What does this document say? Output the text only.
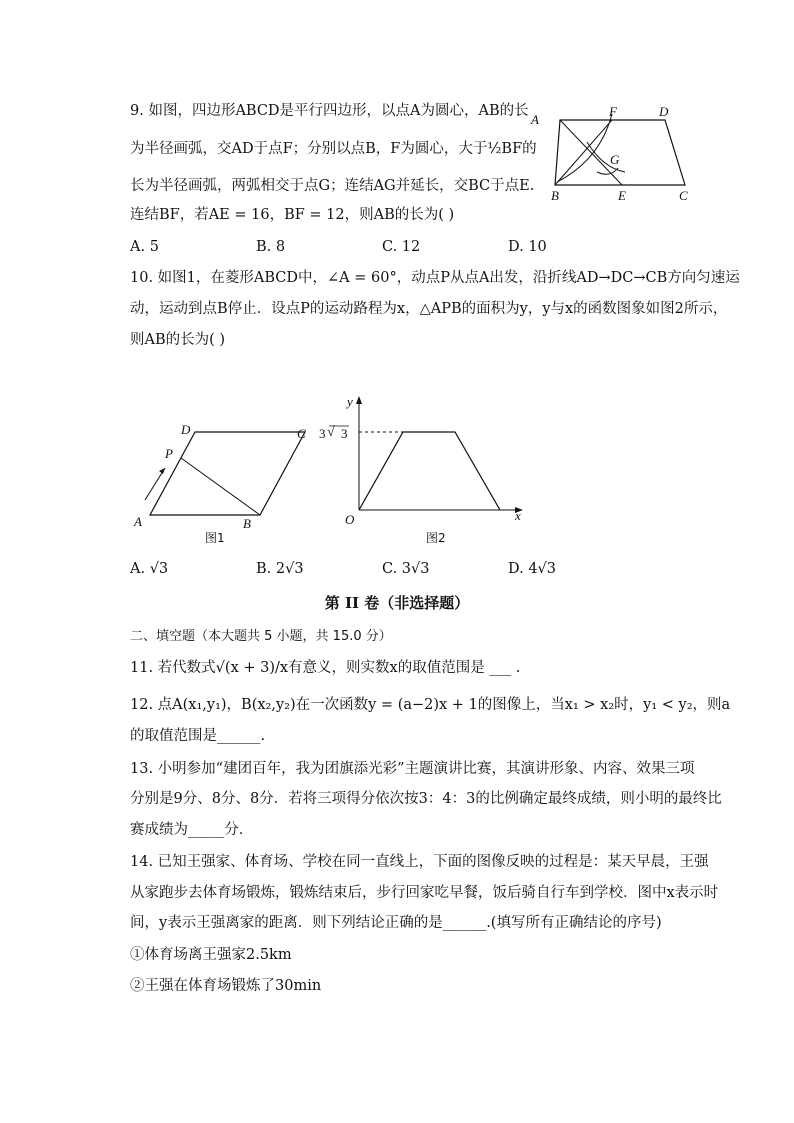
9. 如图，四边形ABCD是平行四边形，以点A为圆心，AB的长
为半径画弧，交AD于点F；分别以点B，F为圆心，大于½BF的
长为半径画弧，两弧相交于点G；连结AG并延长，交BC于点E.
连结BF，若AE = 16，BF = 12，则AB的长为( )
A
F	D
G
B	E	C
A. 5	B. 8	C. 12	D. 10
10. 如图1，在菱形ABCD中，∠A = 60°，动点P从点A出发，沿折线AD→DC→CB方向匀速运
动，运动到点B停止．设点P的运动路程为x，△APB的面积为y，y与x的函数图象如图2所示，
则AB的长为( )
D	C
P
A	B
图1
y
3 3
√
O	x
图2
A. √3	B. 2√3	C. 3√3	D. 4√3
第 II 卷（非选择题）
二、填空题（本大题共 5 小题，共 15.0 分）
11. 若代数式√(x + 3)/x有意义，则实数x的取值范围是 ___ .
12. 点A(x₁,y₁)，B(x₂,y₂)在一次函数y = (a−2)x + 1的图像上，当x₁ > x₂时，y₁ < y₂，则a
的取值范围是______.
13. 小明参加“建团百年，我为团旗添光彩”主题演讲比赛，其演讲形象、内容、效果三项
分别是9分、8分、8分．若将三项得分依次按3：4：3的比例确定最终成绩，则小明的最终比
赛成绩为_____分．
14. 已知王强家、体育场、学校在同一直线上，下面的图像反映的过程是：某天早晨，王强
从家跑步去体育场锻炼，锻炼结束后，步行回家吃早餐，饭后骑自行车到学校．图中x表示时
间，y表示王强离家的距离．则下列结论正确的是______.(填写所有正确结论的序号)
①体育场离王强家2.5km
②王强在体育场锻炼了30min
